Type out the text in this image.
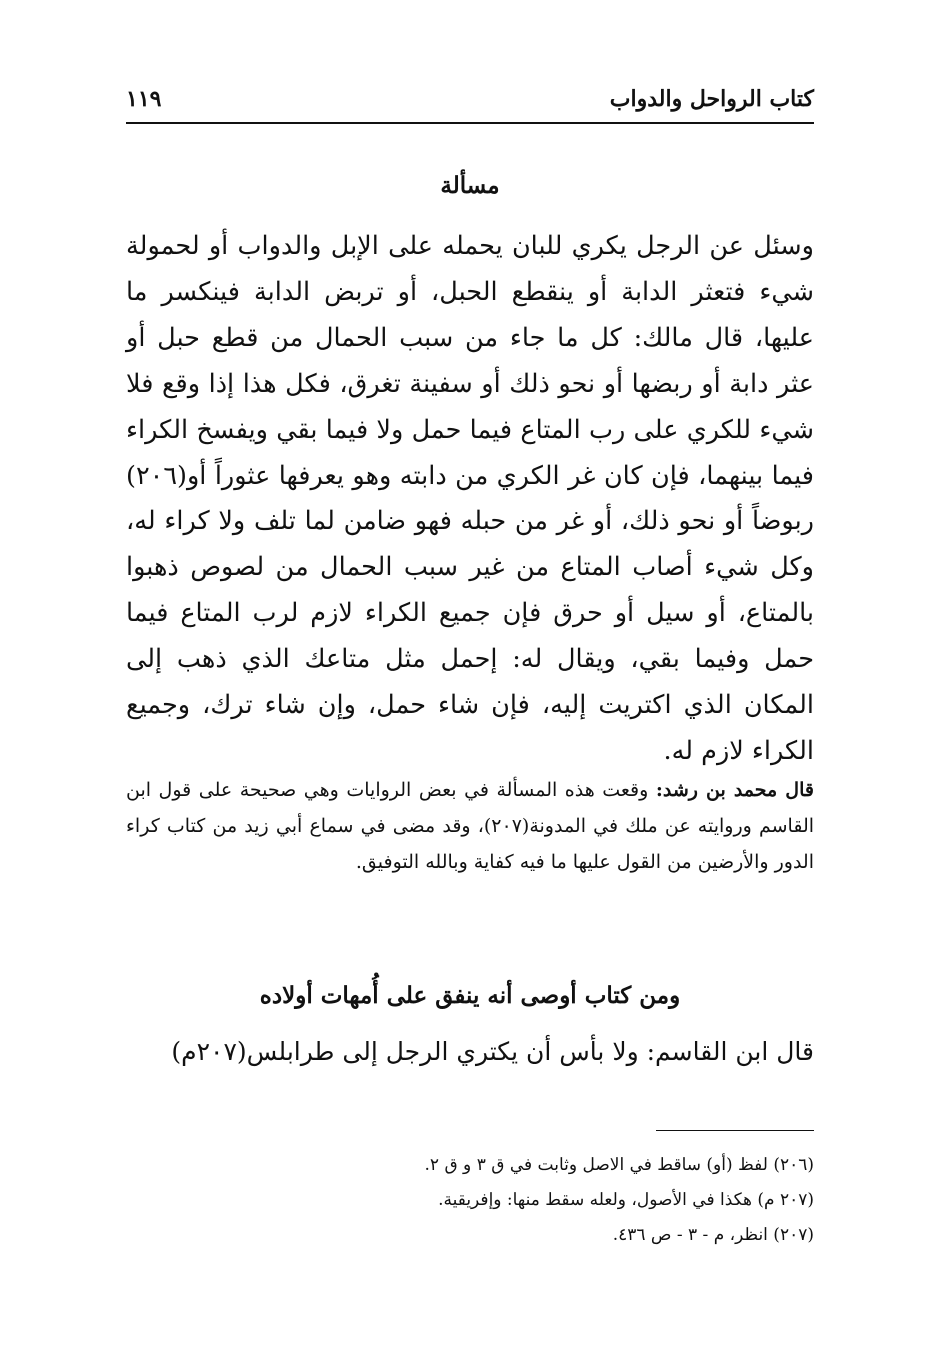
كتاب الرواحل والدواب
١١٩
مسألة
وسئل عن الرجل يكري للبان يحمله على الإبل والدواب أو لحمولة شيء فتعثر الدابة أو ينقطع الحبل، أو تربض الدابة فينكسر ما عليها، قال مالك: كل ما جاء من سبب الحمال من قطع حبل أو عثر دابة أو ربضها أو نحو ذلك أو سفينة تغرق، فكل هذا إذا وقع فلا شيء للكري على رب المتاع فيما حمل ولا فيما بقي ويفسخ الكراء فيما بينهما، فإن كان غر الكري من دابته وهو يعرفها عثوراً أو(٢٠٦) ربوضاً أو نحو ذلك، أو غر من حبله فهو ضامن لما تلف ولا كراء له، وكل شيء أصاب المتاع من غير سبب الحمال من لصوص ذهبوا بالمتاع، أو سيل أو حرق فإن جميع الكراء لازم لرب المتاع فيما حمل وفيما بقي، ويقال له: إحمل مثل متاعك الذي ذهب إلى المكان الذي اكتريت إليه، فإن شاء حمل، وإن شاء ترك، وجميع الكراء لازم له.
قال محمد بن رشد: وقعت هذه المسألة في بعض الروايات وهي صحيحة على قول ابن القاسم وروايته عن ملك في المدونة(٢٠٧)، وقد مضى في سماع أبي زيد من كتاب كراء الدور والأرضين من القول عليها ما فيه كفاية وبالله التوفيق.
ومن كتاب أوصى أنه ينفق على أُمهات أولاده
قال ابن القاسم: ولا بأس أن يكتري الرجل إلى طرابلس(٢٠٧م)
(٢٠٦) لفظ (أو) ساقط في الاصل وثابت في ق ٣ و ق ٢.
(٢٠٧ م) هكذا في الأصول، ولعله سقط منها: وإفريقية.
(٢٠٧) انظر، م - ٣ - ص ٤٣٦.
